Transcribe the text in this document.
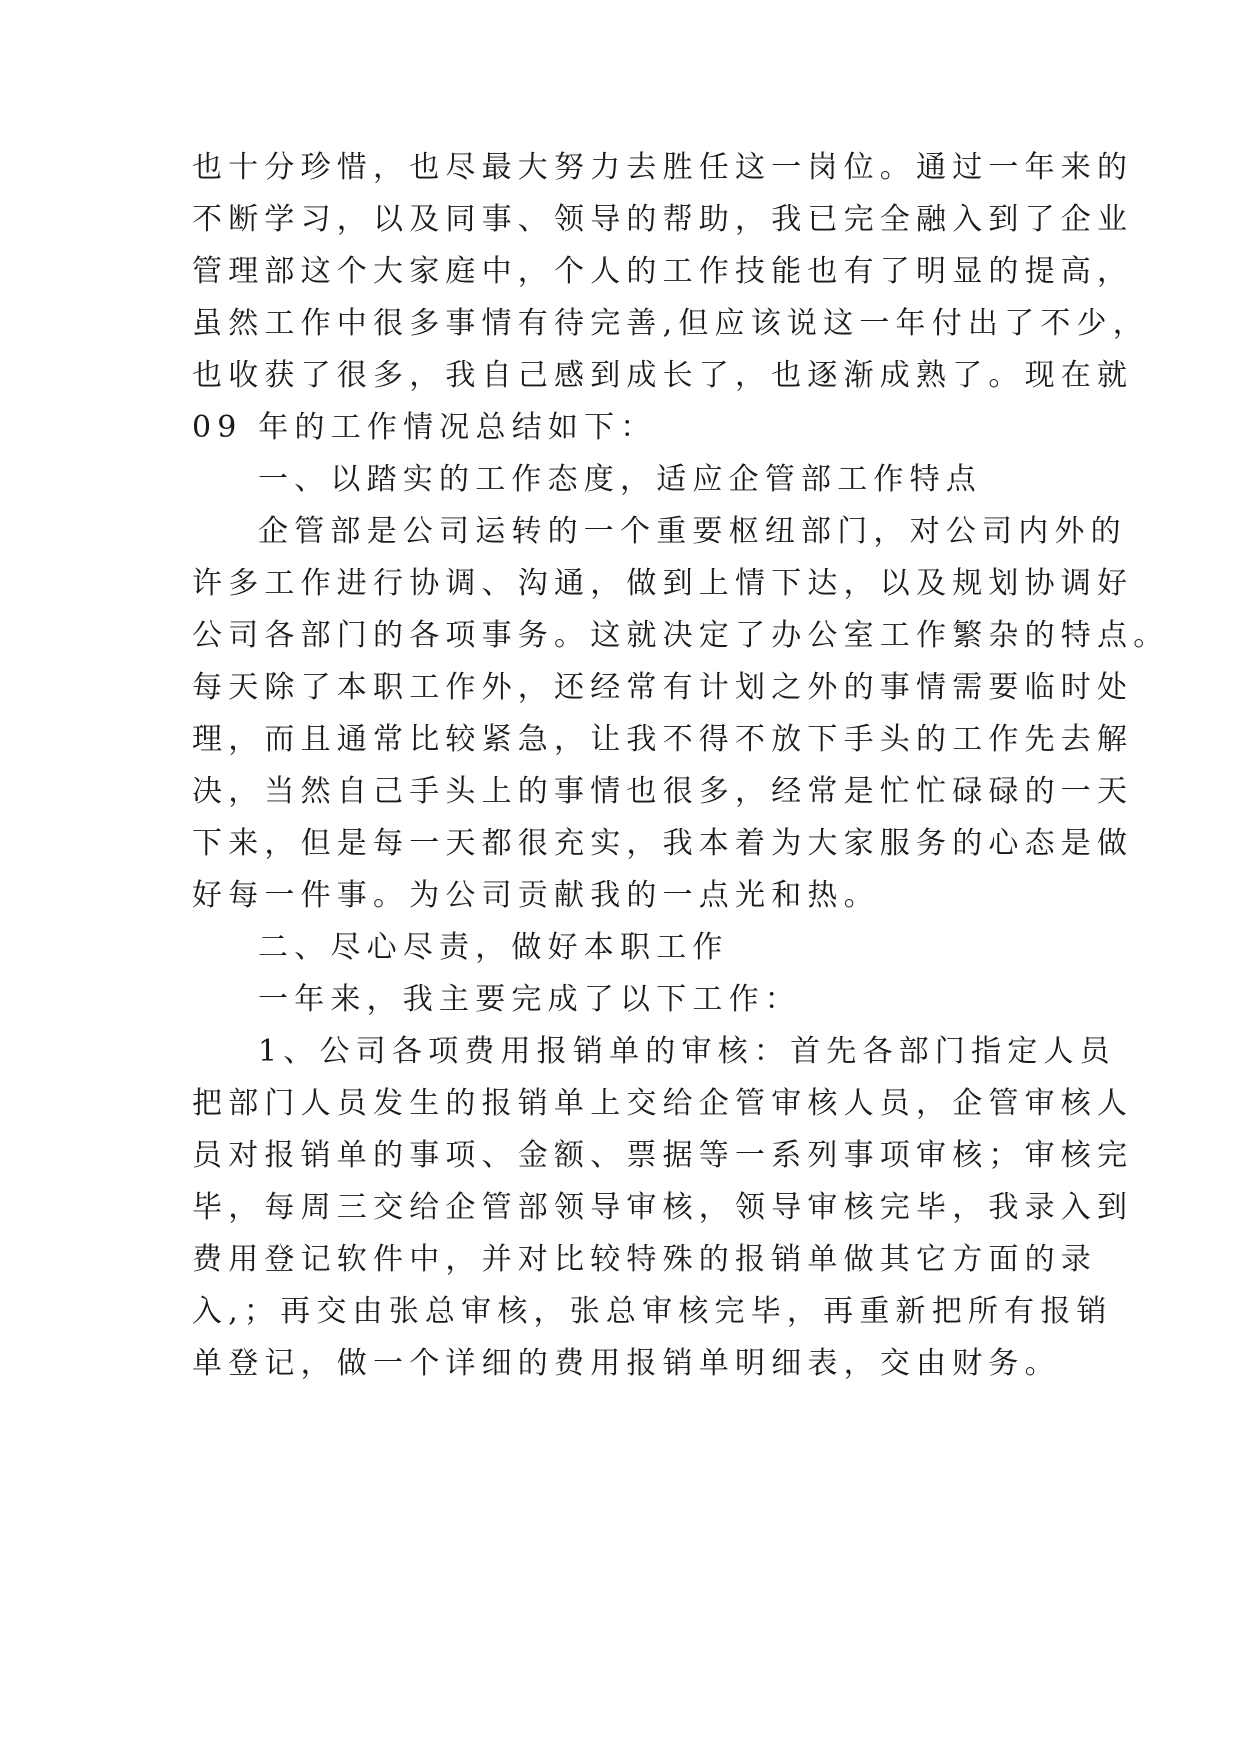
也十分珍惜，也尽最大努力去胜任这一岗位。通过一年来的
不断学习，以及同事、领导的帮助，我已完全融入到了企业
管理部这个大家庭中，个人的工作技能也有了明显的提高，
虽然工作中很多事情有待完善,但应该说这一年付出了不少，
也收获了很多，我自己感到成长了，也逐渐成熟了。现在就
09 年的工作情况总结如下：
一、以踏实的工作态度，适应企管部工作特点
企管部是公司运转的一个重要枢纽部门，对公司内外的
许多工作进行协调、沟通，做到上情下达，以及规划协调好
公司各部门的各项事务。这就决定了办公室工作繁杂的特点。
每天除了本职工作外，还经常有计划之外的事情需要临时处
理，而且通常比较紧急，让我不得不放下手头的工作先去解
决，当然自己手头上的事情也很多，经常是忙忙碌碌的一天
下来，但是每一天都很充实，我本着为大家服务的心态是做
好每一件事。为公司贡献我的一点光和热。
二、尽心尽责，做好本职工作
一年来，我主要完成了以下工作：
1、公司各项费用报销单的审核：首先各部门指定人员
把部门人员发生的报销单上交给企管审核人员，企管审核人
员对报销单的事项、金额、票据等一系列事项审核；审核完
毕，每周三交给企管部领导审核，领导审核完毕，我录入到
费用登记软件中，并对比较特殊的报销单做其它方面的录
入,；再交由张总审核，张总审核完毕，再重新把所有报销
单登记，做一个详细的费用报销单明细表，交由财务。
